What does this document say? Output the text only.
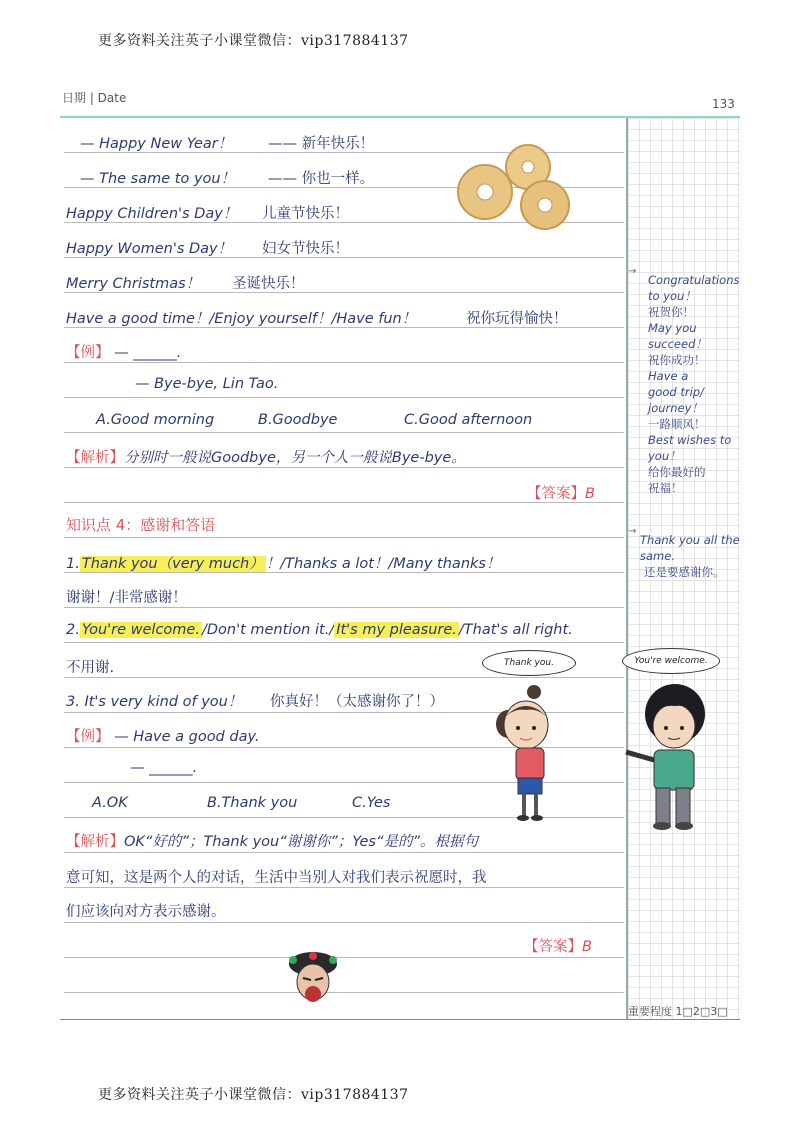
更多资料关注英子小课堂微信：vip317884137
日期 | Date	133
— Happy New Year！ —— 新年快乐！
— The same to you！ —— 你也一样。
Happy Children's Day！ 儿童节快乐！
Happy Women's Day！ 妇女节快乐！
Merry Christmas！ 圣诞快乐！
Have a good time！/Enjoy yourself！/Have fun！	祝你玩得愉快！
【例】 — ______.
— Bye-bye, Lin Tao.
A.Good morning	B.Goodbye	C.Good afternoon
【解析】分别时一般说Goodbye，另一个人一般说Bye-bye。
【答案】B
知识点 4：感谢和答语
1. Thank you（very much） ！/Thanks a lot！/Many thanks！
谢谢！/非常感谢！
2. You're welcome. /Don't mention it./ It's my pleasure. /That's all right.
不用谢.
3. It's very kind of you！ 你真好！（太感谢你了！）
【例】 — Have a good day.
— ______.
A.OK	B.Thank you	C.Yes
【解析】OK“好的”；Thank you“谢谢你”；Yes“是的”。根据句
意可知，这是两个人的对话，生活中当别人对我们表示祝愿时，我
们应该向对方表示感谢。
【答案】B
→
Congratulations
to you！
祝贺你！
May you
succeed！
祝你成功！
Have a
good trip/
journey！
一路顺风！
Best wishes to
you！
给你最好的
祝福！
→
Thank you all the
same.
还是要感谢你。
Thank you.	You're welcome.
重要程度 1□2□3□
更多资料关注英子小课堂微信：vip317884137
